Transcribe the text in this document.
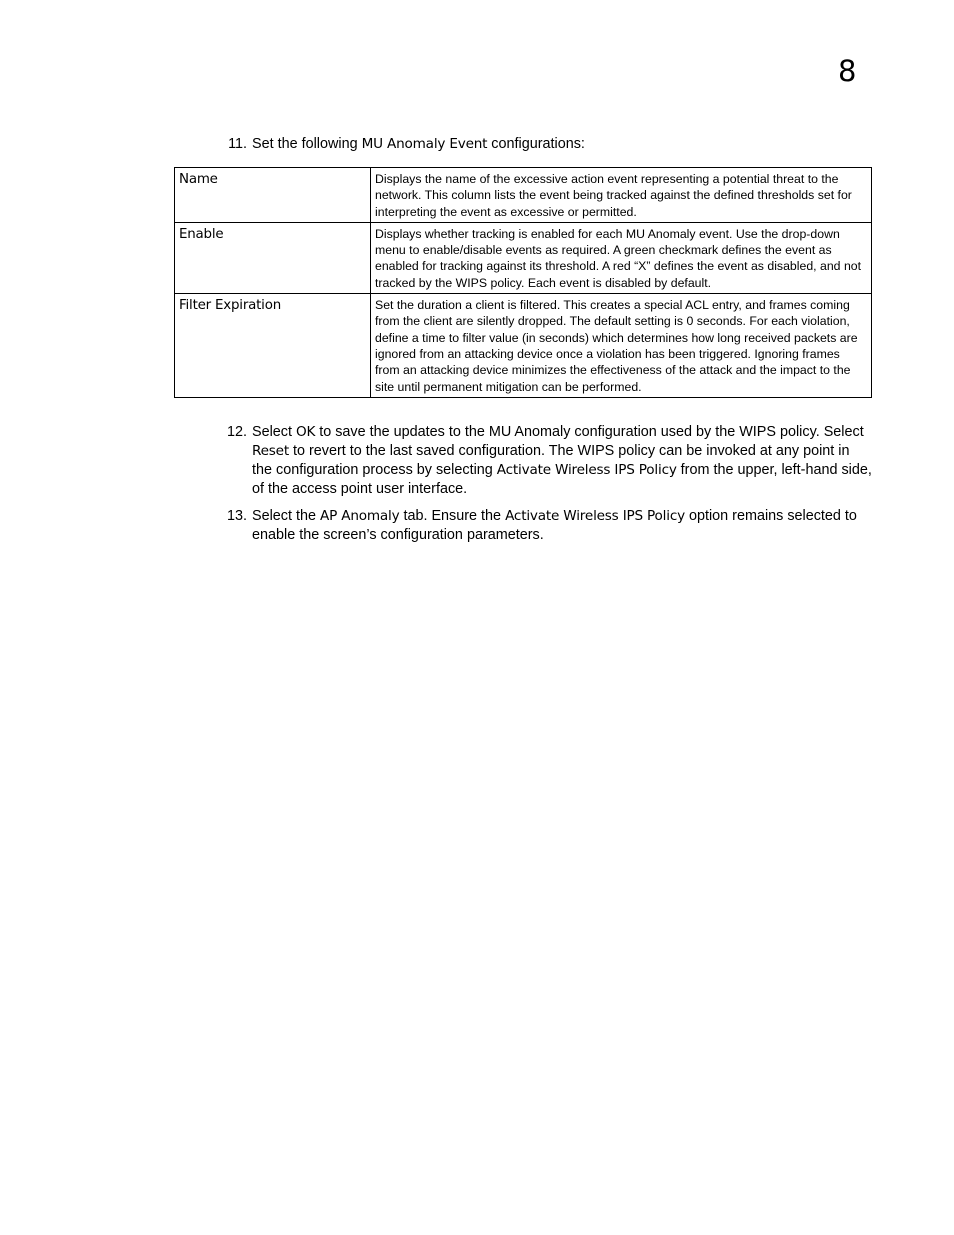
8
11. Set the following MU Anomaly Event configurations:
Name	Displays the name of the excessive action event representing a potential threat to the network. This column lists the event being tracked against the defined thresholds set for interpreting the event as excessive or permitted.
Enable	Displays whether tracking is enabled for each MU Anomaly event. Use the drop-down menu to enable/disable events as required. A green checkmark defines the event as enabled for tracking against its threshold. A red “X” defines the event as disabled, and not tracked by the WIPS policy. Each event is disabled by default.
Filter Expiration	Set the duration a client is filtered. This creates a special ACL entry, and frames coming from the client are silently dropped. The default setting is 0 seconds. For each violation, define a time to filter value (in seconds) which determines how long received packets are ignored from an attacking device once a violation has been triggered. Ignoring frames from an attacking device minimizes the effectiveness of the attack and the impact to the site until permanent mitigation can be performed.
12. Select OK to save the updates to the MU Anomaly configuration used by the WIPS policy. Select Reset to revert to the last saved configuration. The WIPS policy can be invoked at any point in the configuration process by selecting Activate Wireless IPS Policy from the upper, left-hand side, of the access point user interface.
13. Select the AP Anomaly tab. Ensure the Activate Wireless IPS Policy option remains selected to enable the screen’s configuration parameters.
